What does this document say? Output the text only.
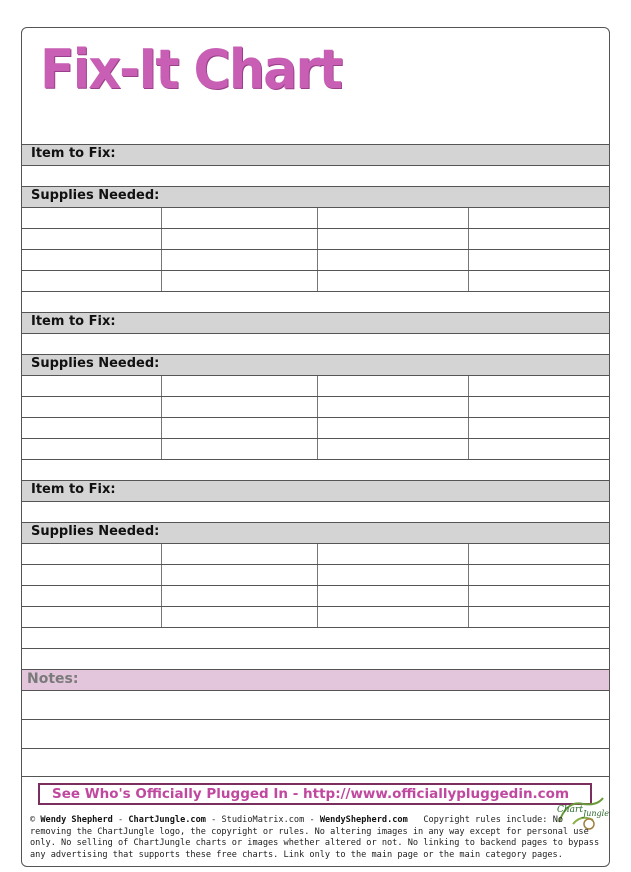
Fix-It Chart
Item to Fix:
Supplies Needed:
Item to Fix:
Supplies Needed:
Item to Fix:
Supplies Needed:
Notes:
See Who's Officially Plugged In - http://www.officiallypluggedin.com
Chart Jungle
© Wendy Shepherd - ChartJungle.com - StudioMatrix.com - WendyShepherd.com Copyright rules include: No removing the ChartJungle logo, the copyright or rules. No altering images in any way except for personal use only. No selling of ChartJungle charts or images whether altered or not. No linking to backend pages to bypass any advertising that supports these free charts. Link only to the main page or the main category pages.
